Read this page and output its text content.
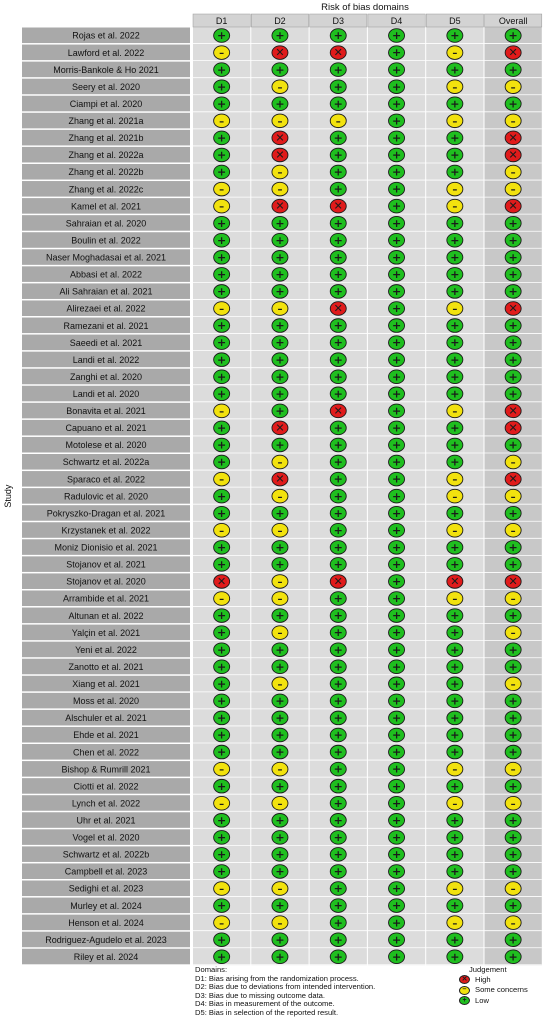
Risk of bias domains
Study
D1	D2	D3	D4	D5	Overall
Rojas et al. 2022	+	+	+	+	+	+
Lawford et al. 2022	–	✕	✕	+	–	✕
Morris-Bankole & Ho 2021	+	+	+	+	+	+
Seery et al. 2020	+	–	+	+	–	–
Ciampi et al. 2020	+	+	+	+	+	+
Zhang et al. 2021a	–	–	–	+	–	–
Zhang et al. 2021b	+	✕	+	+	+	✕
Zhang et al. 2022a	+	✕	+	+	+	✕
Zhang et al. 2022b	+	–	+	+	+	–
Zhang et al. 2022c	–	–	+	+	–	–
Kamel et al. 2021	–	✕	✕	+	–	✕
Sahraian et al. 2020	+	+	+	+	+	+
Boulin et al. 2022	+	+	+	+	+	+
Naser Moghadasai et al. 2021	+	+	+	+	+	+
Abbasi et al. 2022	+	+	+	+	+	+
Ali Sahraian et al. 2021	+	+	+	+	+	+
Alirezaei et al. 2022	–	–	✕	+	–	✕
Ramezani et al. 2021	+	+	+	+	+	+
Saeedi et al. 2021	+	+	+	+	+	+
Landi et al. 2022	+	+	+	+	+	+
Zanghi et al. 2020	+	+	+	+	+	+
Landi et al. 2020	+	+	+	+	+	+
Bonavita et al. 2021	–	+	✕	+	–	✕
Capuano et al. 2021	+	✕	+	+	+	✕
Motolese et al. 2020	+	+	+	+	+	+
Schwartz et al. 2022a	+	–	+	+	+	–
Sparaco et al. 2022	–	✕	+	+	–	✕
Radulovic et al. 2020	+	–	+	+	–	–
Pokryszko-Dragan et al. 2021	+	+	+	+	+	+
Krzystanek et al. 2022	–	–	+	+	–	–
Moniz Dionisio et al. 2021	+	+	+	+	+	+
Stojanov et al. 2021	+	+	+	+	+	+
Stojanov et al. 2020	✕	–	✕	+	✕	✕
Arrambide et al. 2021	–	–	+	+	–	–
Altunan et al. 2022	+	+	+	+	+	+
Yalçin et al. 2021	+	–	+	+	+	–
Yeni et al. 2022	+	+	+	+	+	+
Zanotto et al. 2021	+	+	+	+	+	+
Xiang et al. 2021	+	–	+	+	+	–
Moss et al. 2020	+	+	+	+	+	+
Alschuler et al. 2021	+	+	+	+	+	+
Ehde et al. 2021	+	+	+	+	+	+
Chen et al. 2022	+	+	+	+	+	+
Bishop & Rumrill 2021	–	–	+	+	–	–
Ciotti et al. 2022	+	+	+	+	+	+
Lynch et al. 2022	–	–	+	+	–	–
Uhr et al. 2021	+	+	+	+	+	+
Vogel et al. 2020	+	+	+	+	+	+
Schwartz et al. 2022b	+	+	+	+	+	+
Campbell et al. 2023	+	+	+	+	+	+
Sedighi et al. 2023	–	–	+	+	–	–
Murley et al. 2024	+	+	+	+	+	+
Henson et al. 2024	–	–	+	+	–	–
Rodriguez-Agudelo et al. 2023	+	+	+	+	+	+
Riley et al. 2024	+	+	+	+	+	+
Domains:
D1: Bias arising from the randomization process.
D2: Bias due to deviations from intended intervention.
D3: Bias due to missing outcome data.
D4: Bias in measurement of the outcome.
D5: Bias in selection of the reported result.
Judgement
✕ High
–	Some concerns
+	Low
